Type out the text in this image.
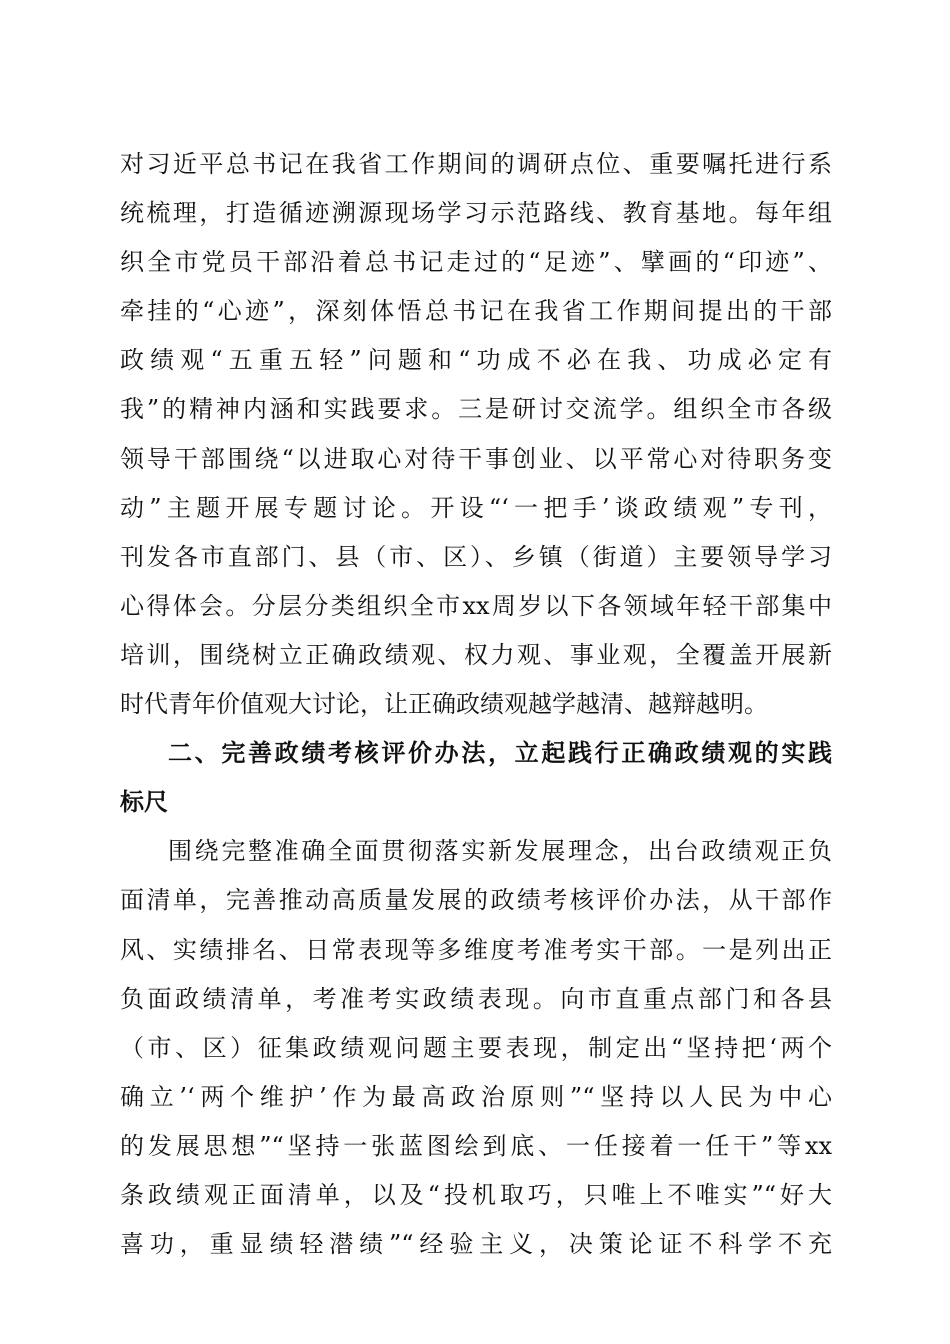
对习近平总书记在我省工作期间的调研点位、重要嘱托进行系
统梳理，打造循迹溯源现场学习示范路线、教育基地。每年组
织全市党员干部沿着总书记走过的“足迹”、擘画的“印迹”、
牵挂的“心迹”，深刻体悟总书记在我省工作期间提出的干部
政绩观“五重五轻”问题和“功成不必在我、功成必定有
我”的精神内涵和实践要求。三是研讨交流学。组织全市各级
领导干部围绕“以进取心对待干事创业、以平常心对待职务变
动”主题开展专题讨论。开设“‘一把手’谈政绩观”专刊，
刊发各市直部门、县（市、区）、乡镇（街道）主要领导学习
心得体会。分层分类组织全市xx周岁以下各领域年轻干部集中
培训，围绕树立正确政绩观、权力观、事业观，全覆盖开展新
时代青年价值观大讨论，让正确政绩观越学越清、越辩越明。
二、完善政绩考核评价办法，立起践行正确政绩观的实践
标尺
围绕完整准确全面贯彻落实新发展理念，出台政绩观正负
面清单，完善推动高质量发展的政绩考核评价办法，从干部作
风、实绩排名、日常表现等多维度考准考实干部。一是列出正
负面政绩清单，考准考实政绩表现。向市直重点部门和各县
（市、区）征集政绩观问题主要表现，制定出“坚持把‘两个
确立’‘两个维护’作为最高政治原则”“坚持以人民为中心
的发展思想”“坚持一张蓝图绘到底、一任接着一任干”等xx
条政绩观正面清单，以及“投机取巧，只唯上不唯实”“好大
喜功，重显绩轻潜绩”“经验主义，决策论证不科学不充
